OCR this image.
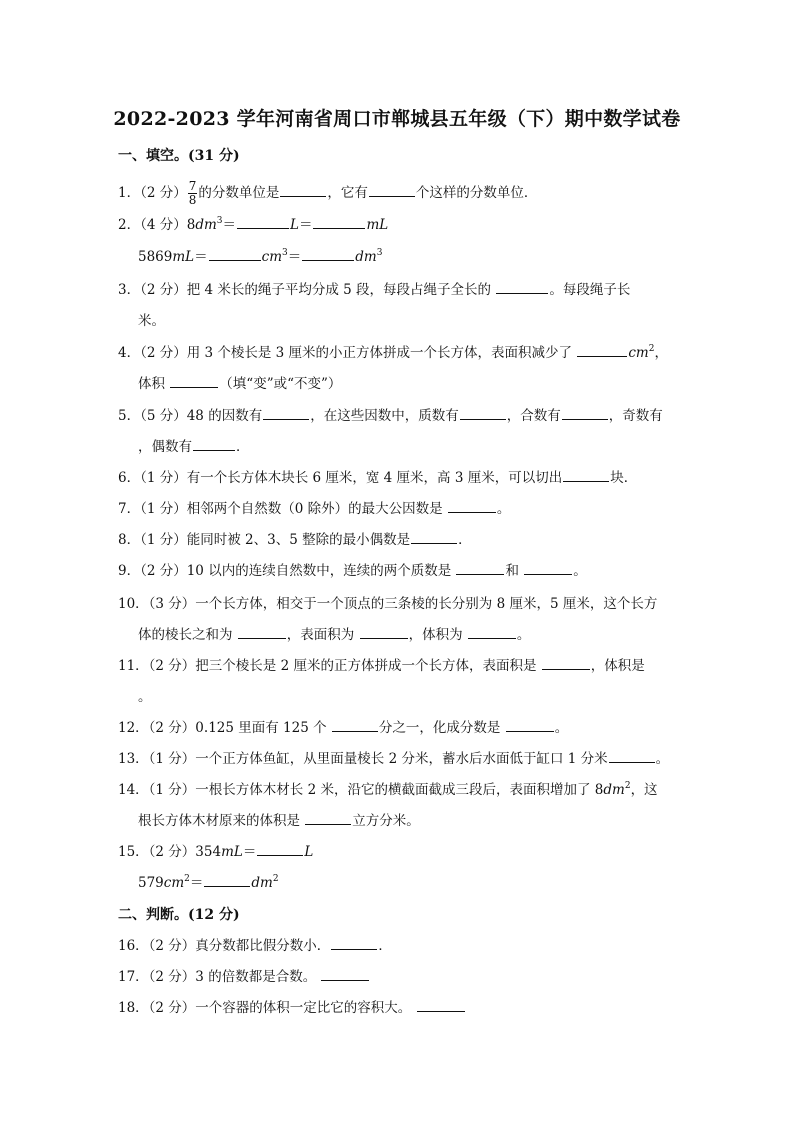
2022-2023 学年河南省周口市郸城县五年级（下）期中数学试卷
一、填空。(31 分)
1．（2 分） $\frac{7}{8}$ 的分数单位是	，它有	个这样的分数单位．
2．（4 分）$8dm^3=$	L＝	mL
5869mL＝	$cm^3=$	$dm^3$
3．（2 分）把 4 米长的绳子平均分成 5 段，每段占绳子全长的	。每段绳子长
米。
4．（2 分）用 3 个棱长是 3 厘米的小正方体拼成一个长方体，表面积减少了	$cm^2$，
体积	（填“变”或“不变”）
5．（5 分）48 的因数有	，在这些因数中，质数有	，合数有	，奇数有
，偶数有	．
6．（1 分）有一个长方体木块长 6 厘米，宽 4 厘米，高 3 厘米，可以切出	块．
7．（1 分）相邻两个自然数（0 除外）的最大公因数是	。
8．（1 分）能同时被 2、3、5 整除的最小偶数是	．
9．（2 分）10 以内的连续自然数中，连续的两个质数是	和	。
10．（3 分）一个长方体，相交于一个顶点的三条棱的长分别为 8 厘米，5 厘米，这个长方
体的棱长之和为	，表面积为	，体积为	。
11．（2 分）把三个棱长是 2 厘米的正方体拼成一个长方体，表面积是	，体积是
。
12．（2 分）0.125 里面有 125 个	分之一，化成分数是	。
13．（1 分）一个正方体鱼缸，从里面量棱长 2 分米，蓄水后水面低于缸口 1 分米	。
14．（1 分）一根长方体木材长 2 米，沿它的横截面截成三段后，表面积增加了 $8dm^2$，这
根长方体木材原来的体积是	立方分米。
15．（2 分）354mL＝	L
$579cm^2=$	$dm^2$
二、判断。(12 分)
16．（2 分）真分数都比假分数小．	．
17．（2 分）3 的倍数都是合数。
18．（2 分）一个容器的体积一定比它的容积大。
